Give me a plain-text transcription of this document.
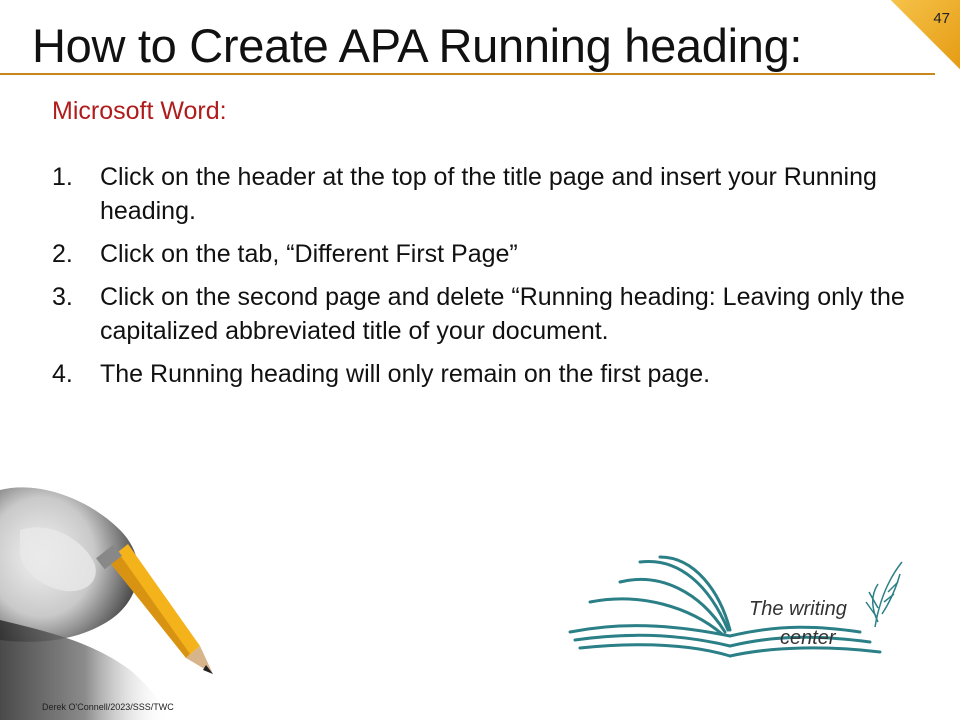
47
How to Create APA Running heading:
Microsoft Word:
1.	Click on the header at the top of the title page and insert your Running heading.
2.	Click on the tab, “Different First Page”
3.	Click on the second page and delete “Running heading: Leaving only the capitalized abbreviated title of your document.
4.	The Running heading will only remain on the first page.
The writing
center
Derek O'Connell/2023/SSS/TWC
